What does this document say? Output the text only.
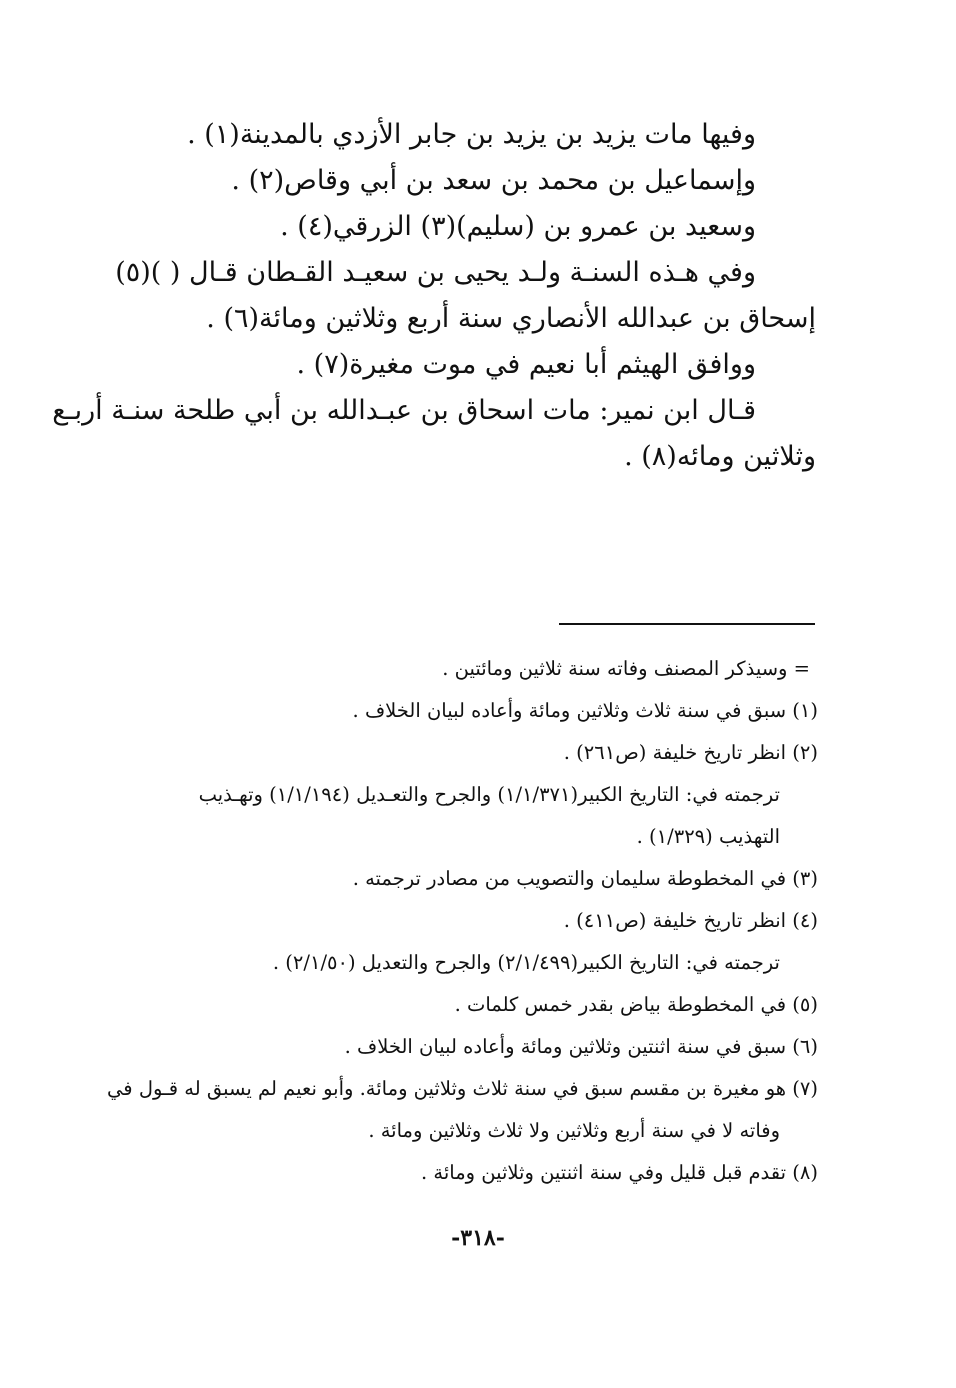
وفيها مات يزيد بن يزيد بن جابر الأزدي بالمدينة(١) .

وإسماعيل بن محمد بن سعد بن أبي وقاص(٢) .

وسعيد بن عمرو بن (سليم)(٣) الزرقي(٤) .

وفي هـذه السنـة ولـد يحيى بن سعيـد القـطان قـال ( )(٥)

إسحاق بن عبدالله الأنصاري سنة أربع وثلاثين ومائة(٦) .

ووافق الهيثم أبا نعيم في موت مغيرة(٧) .

قـال ابن نمير: مات اسحاق بن عبـدالله بن أبي طلحة سنـة أربـع

وثلاثين ومائه(٨) .

= وسيذكر المصنف وفاته سنة ثلاثين ومائتين .

(١) سبق في سنة ثلاث وثلاثين ومائة وأعاده لبيان الخلاف .

(٢) انظر تاريخ خليفة (ص٢٦١) .

ترجمته في: التاريخ الكبير(١/١/٣٧١) والجرح والتعـديل (١/١/١٩٤) وتهـذيب

التهذيب (١/٣٢٩) .

(٣) في المخطوطة سليمان والتصويب من مصادر ترجمته .

(٤) انظر تاريخ خليفة (ص٤١١) .

ترجمته في: التاريخ الكبير(٢/١/٤٩٩) والجرح والتعديل (٢/١/٥٠) .

(٥) في المخطوطة بياض بقدر خمس كلمات .

(٦) سبق في سنة اثنتين وثلاثين ومائة وأعاده لبيان الخلاف .

(٧) هو مغيرة بن مقسم سبق في سنة ثلاث وثلاثين ومائة. وأبو نعيم لم يسبق له قـول في

وفاته لا في سنة أربع وثلاثين ولا ثلاث وثلاثين ومائة .

(٨) تقدم قبل قليل وفي سنة اثنتين وثلاثين ومائة .

-٣١٨-
